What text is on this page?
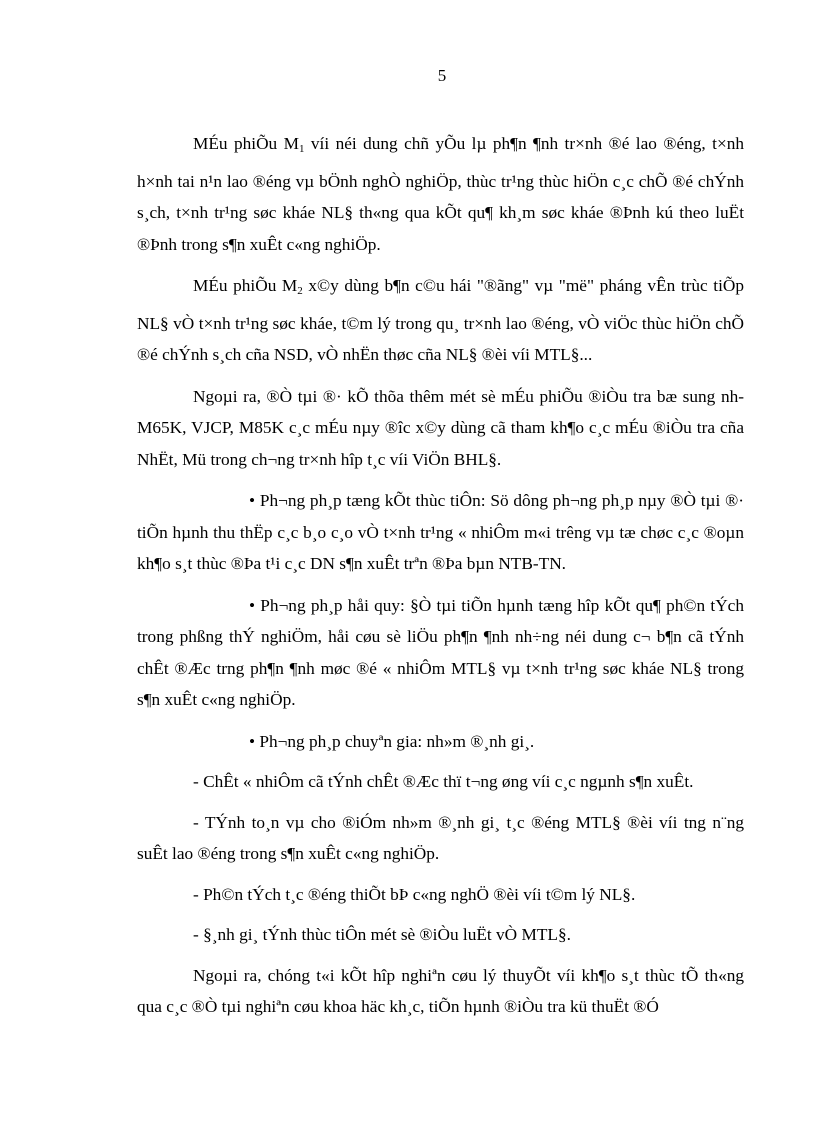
5

MÉu phiÕu $M_1$ víi néi dung chñ yÕu lµ ph¶n ¶nh tr×nh ®é lao ®éng, t×nh h×nh tai n¹n lao ®éng vµ bÖnh nghÒ nghiÖp, thùc tr¹ng thùc hiÖn c¸c chÕ ®é chÝnh s¸ch, t×nh tr¹ng søc kháe NL§ th«ng qua kÕt qu¶ kh¸m søc kháe ®Þnh kú theo luËt ®Þnh trong s¶n xuÊt c«ng nghiÖp.

MÉu phiÕu $M_2$ x©y dùng b¶n c©u hái "®ãng" vµ "më" pháng vÊn trùc tiÕp NL§ vÒ t×nh tr¹ng søc kháe, t©m lý trong qu¸ tr×nh lao ®éng, vÒ viÖc thùc hiÖn chÕ ®é chÝnh s¸ch cña NSD, vÒ nhËn thøc cña NL§ ®èi víi MTL§...

Ngoµi ra, ®Ò tµi ®· kÕ thõa thêm mét sè mÉu phiÕu ®iÒu tra bæ sung nh M65K, VJCP, M85K c¸c mÉu nµy ®îc x©y dùng cã tham kh¶o c¸c mÉu ®iÒu tra cña NhËt, Mü trong ch¬ng tr×nh hîp t¸c víi ViÖn BHL§.

• Ph¬ng ph¸p tæng kÕt thùc tiÔn: Sö dông ph¬ng ph¸p nµy ®Ò tµi ®· tiÕn hµnh thu thËp c¸c b¸o c¸o vÒ t×nh tr¹ng « nhiÔm m«i trêng vµ tæ chøc c¸c ®oµn kh¶o s¸t thùc ®Þa t¹i c¸c DN s¶n xuÊt trªn ®Þa bµn NTB-TN.

• Ph¬ng ph¸p håi quy: §Ò tµi tiÕn hµnh tæng hîp kÕt qu¶ ph©n tÝch trong phßng thÝ nghiÖm, håi cøu sè liÖu ph¶n ¶nh nh÷ng néi dung c¬ b¶n cã tÝnh chÊt ®Æc trng ph¶n ¶nh møc ®é « nhiÔm MTL§ vµ t×nh tr¹ng søc kháe NL§ trong s¶n xuÊt c«ng nghiÖp.

• Ph¬ng ph¸p chuyªn gia: nh»m ®¸nh gi¸.

- ChÊt « nhiÔm cã tÝnh chÊt ®Æc thï t¬ng øng víi c¸c ngµnh s¶n xuÊt.

- TÝnh to¸n vµ cho ®iÓm nh»m ®¸nh gi¸ t¸c ®éng MTL§ ®èi víi tng n¨ng suÊt lao ®éng trong s¶n xuÊt c«ng nghiÖp.

- Ph©n tÝch t¸c ®éng thiÕt bÞ c«ng nghÖ ®èi víi t©m lý NL§.

- §¸nh gi¸ tÝnh thùc tiÔn mét sè ®iÒu luËt vÒ MTL§.

Ngoµi ra, chóng t«i kÕt hîp nghiªn cøu lý thuyÕt víi kh¶o s¸t thùc tÕ th«ng qua c¸c ®Ò tµi nghiªn cøu khoa häc kh¸c, tiÕn hµnh ®iÒu tra kü thuËt ®Ó
